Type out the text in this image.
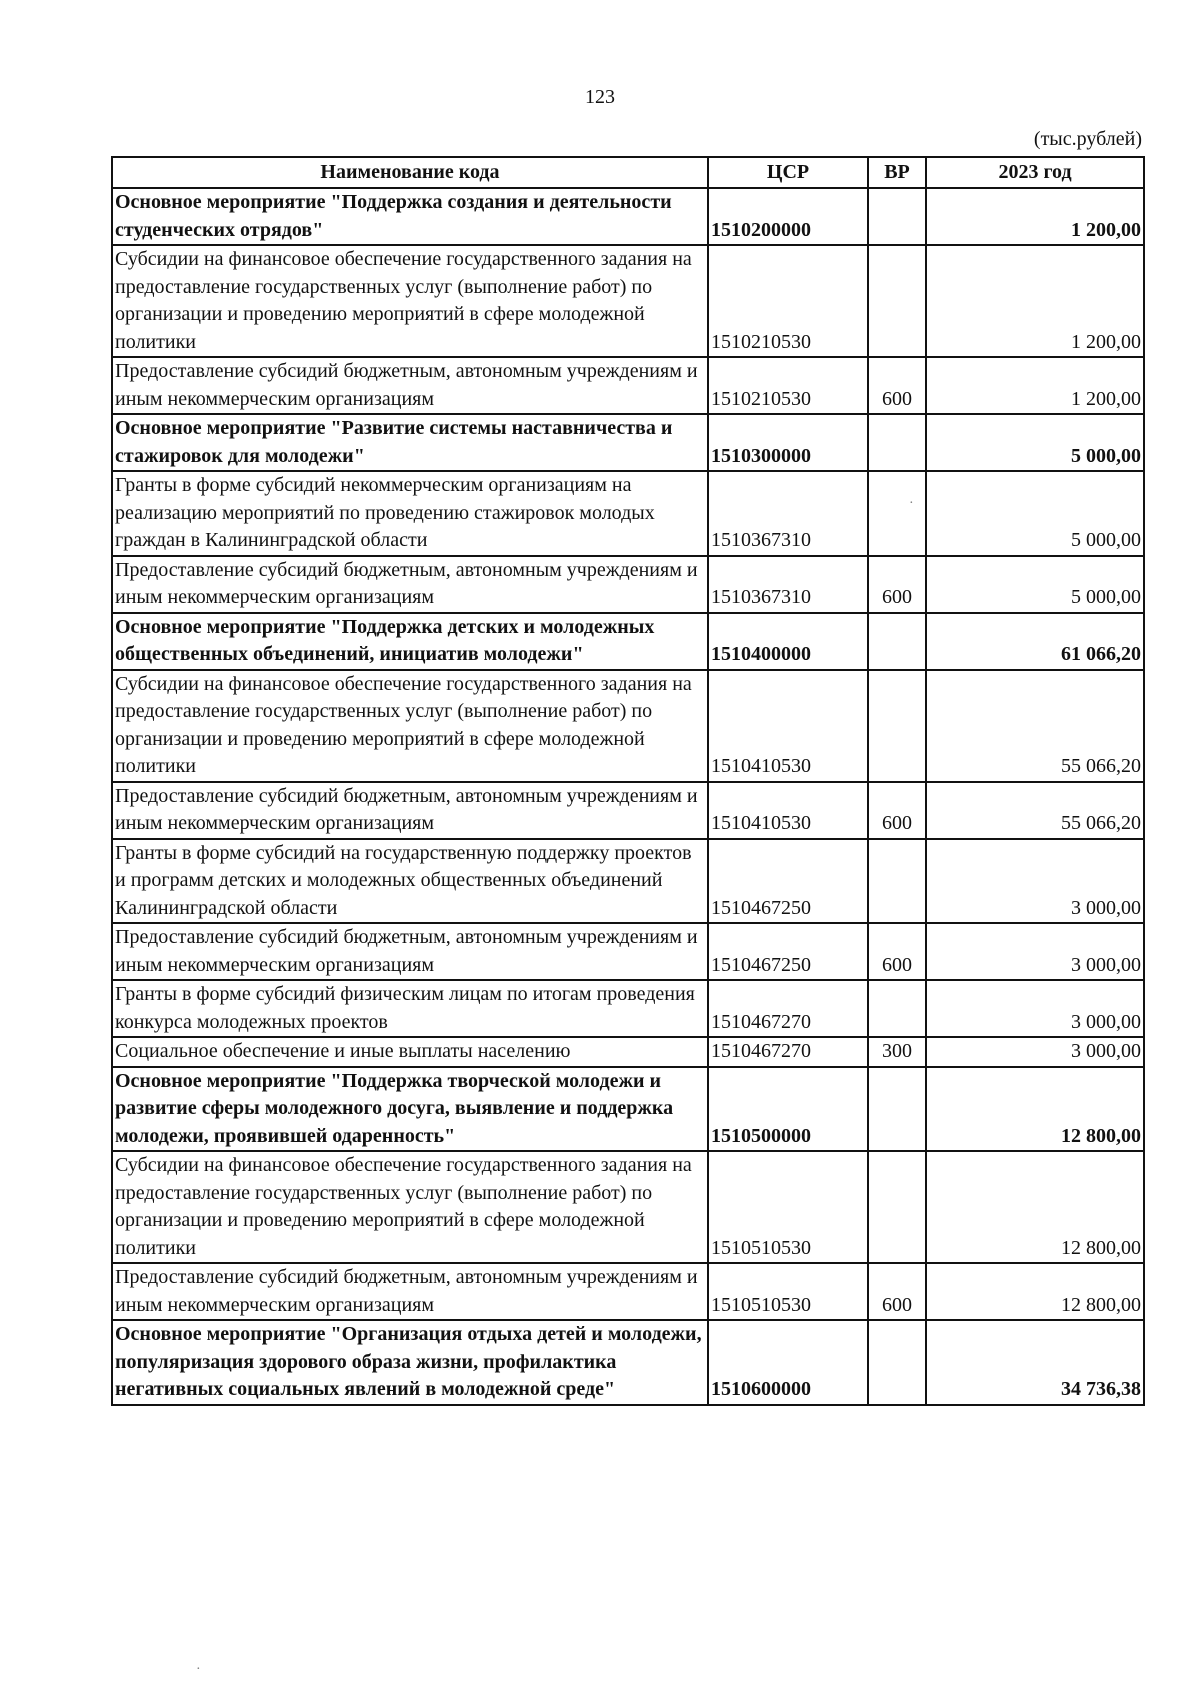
123
(тыс.рублей)
Наименование кода	ЦСР	ВР	2023 год
Основное мероприятие "Поддержка создания и деятельности студенческих отрядов"	1510200000		1 200,00
Субсидии на финансовое обеспечение государственного задания на предоставление государственных услуг (выполнение работ) по организации и проведению мероприятий в сфере молодежной политики	1510210530		1 200,00
Предоставление субсидий бюджетным, автономным учреждениям и иным некоммерческим организациям	1510210530	600	1 200,00
Основное мероприятие "Развитие системы наставничества и стажировок для молодежи"	1510300000		5 000,00
Гранты в форме субсидий некоммерческим организациям на реализацию мероприятий по проведению стажировок молодых граждан в Калининградской области	1510367310		5 000,00
Предоставление субсидий бюджетным, автономным учреждениям и иным некоммерческим организациям	1510367310	600	5 000,00
Основное мероприятие "Поддержка детских и молодежных общественных объединений, инициатив молодежи"	1510400000		61 066,20
Субсидии на финансовое обеспечение государственного задания на предоставление государственных услуг (выполнение работ) по организации и проведению мероприятий в сфере молодежной политики	1510410530		55 066,20
Предоставление субсидий бюджетным, автономным учреждениям и иным некоммерческим организациям	1510410530	600	55 066,20
Гранты в форме субсидий на государственную поддержку проектов и программ детских и молодежных общественных объединений Калининградской области	1510467250		3 000,00
Предоставление субсидий бюджетным, автономным учреждениям и иным некоммерческим организациям	1510467250	600	3 000,00
Гранты в форме субсидий физическим лицам по итогам проведения конкурса молодежных проектов	1510467270		3 000,00
Социальное обеспечение и иные выплаты населению	1510467270	300	3 000,00
Основное мероприятие "Поддержка творческой молодежи и развитие сферы молодежного досуга, выявление и поддержка молодежи, проявившей одаренность"	1510500000		12 800,00
Субсидии на финансовое обеспечение государственного задания на предоставление государственных услуг (выполнение работ) по организации и проведению мероприятий в сфере молодежной политики	1510510530		12 800,00
Предоставление субсидий бюджетным, автономным учреждениям и иным некоммерческим организациям	1510510530	600	12 800,00
Основное мероприятие "Организация отдыха детей и молодежи, популяризация здорового образа жизни, профилактика негативных социальных явлений в молодежной среде"	1510600000		34 736,38
·
·
